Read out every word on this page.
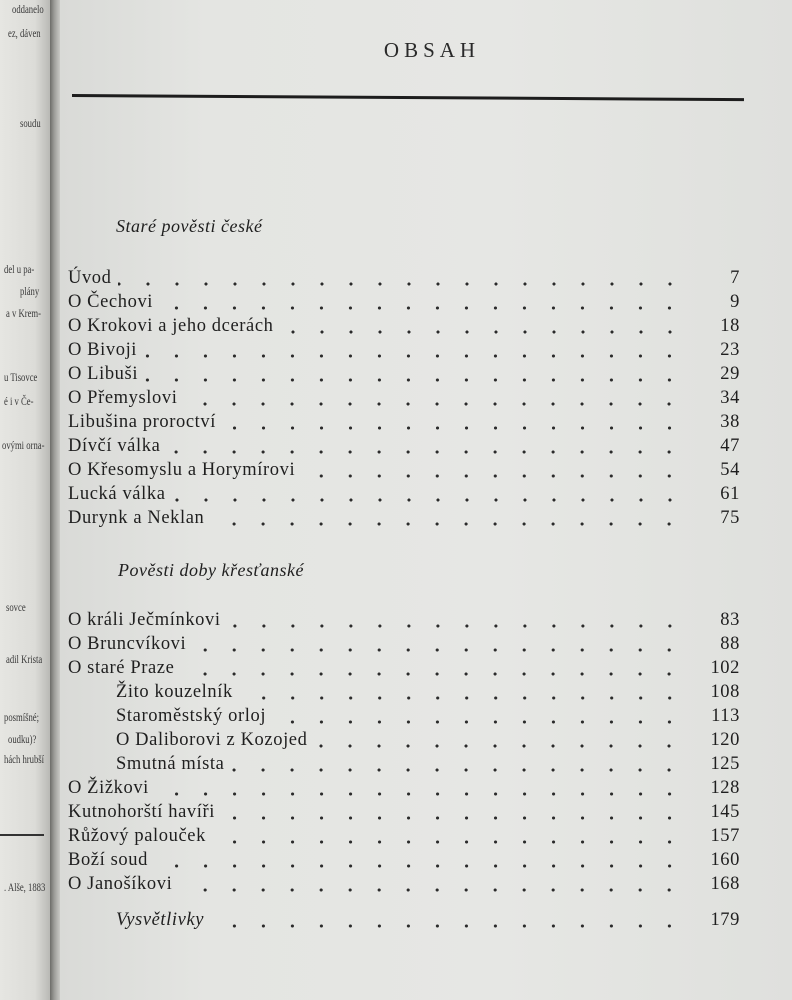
oddanelo
ez, dáven
soudu
del u pa-
plány
a v Krem-
u Tisovce
é i v Če-
ovými orna-
sovce
adil Krista
posmíšné;
oudku)?
hách hrubší
. Alše, 1883
OBSAH
Staré pověsti české
Úvod	7
O Čechovi	9
O Krokovi a jeho dcerách	18
O Bivoji	23
O Libuši	29
O Přemyslovi	34
Libušina proroctví	38
Dívčí válka	47
O Křesomyslu a Horymírovi	54
Lucká válka	61
Durynk a Neklan	75
Pověsti doby křesťanské
O králi Ječmínkovi	83
O Bruncvíkovi	88
O staré Praze	102
Žito kouzelník	108
Staroměstský orloj	113
O Daliborovi z Kozojed	120
Smutná místa	125
O Žižkovi	128
Kutnohorští havíři	145
Růžový palouček	157
Boží soud	160
O Janošíkovi	168
Vysvětlivky	179
